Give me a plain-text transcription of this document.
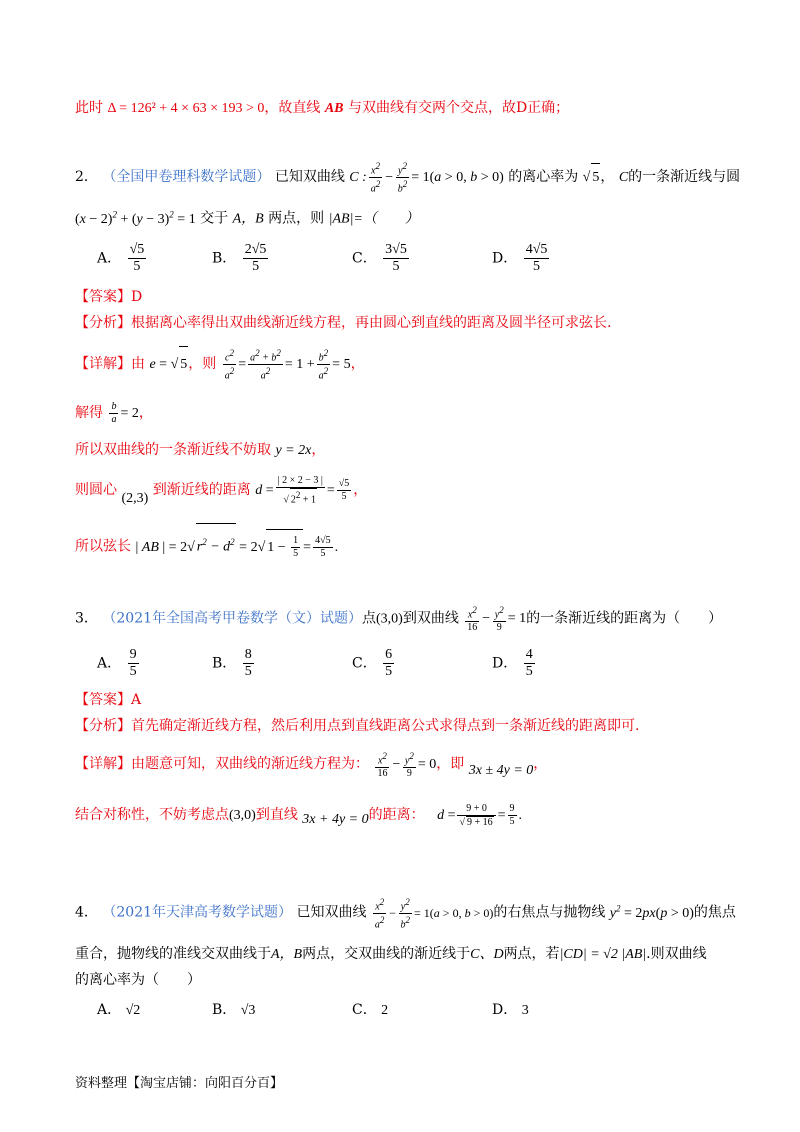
此时 Δ = 126² + 4 × 63 × 193 > 0，故直线 AB 与双曲线有交两个交点，故D正确；
2． （全国甲卷理科数学试题） 已知双曲线 C : $\frac{x2}{a2} - \frac{y2}{b2} = 1(a > 0$, b > 0) 的离心率为 √ 5， C的一条渐近线与圆
$(x - 2)^2 + (y - 3)^2 = 1$ 交于 A，B 两点，则 |AB|=（　　）
A． $\frac{√5}{5}$	B． $\frac{2√5}{5}$	C． $\frac{3√5}{5}$	D． $\frac{4√5}{5}$
【答案】D
【分析】根据离心率得出双曲线渐近线方程，再由圆心到直线的距离及圆半径可求弦长.
【详解】由 e = √ 5，则 $\frac{c2}{a2} = \frac{a2 + b2}{a2} = 1 + \frac{b2}{a2} = 5$，
解得 $\frac{b}{a} = 2$，
所以双曲线的一条渐近线不妨取 y = 2x，
则圆心 (2,3) 到渐近线的距离 $d = \frac{| 2 \times 2 - 3 |}{√ 22 + 1} = \frac{√5}{5}$ ，
所以弦长 | AB | = 2√ $r^2 - d^2 = 2√$ $1 - \frac{1}{5} = \frac{4√5}{5}$ .
3． （2021年全国高考甲卷数学（文）试题）点(3,0)到双曲线 $\frac{x2}{16} - \frac{y2}{9} = 1$的一条渐近线的距离为（　　）
A． $\frac{9}{5}$	B． $\frac{8}{5}$	C． $\frac{6}{5}$	D． $\frac{4}{5}$
【答案】A
【分析】首先确定渐近线方程，然后利用点到直线距离公式求得点到一条渐近线的距离即可.
【详解】由题意可知，双曲线的渐近线方程为： $\frac{x2}{16} - \frac{y2}{9} = 0$，即 3x ± 4y = 0，
结合对称性，不妨考虑点(3,0)到直线 3x + 4y = 0的距离： $d = \frac{9 + 0}{√ 9 + 16} = \frac{9}{5}$ .
4． （2021年天津高考数学试题） 已知双曲线 $\frac{x2}{a2} - \frac{y2}{b2} = 1(a > 0$, b > 0)的右焦点与抛物线 $y^2 = 2px(p > 0)$的焦点
重合，抛物线的准线交双曲线于A，B两点，交双曲线的渐近线于C、D两点，若|CD| = √2 |AB|.则双曲线
的离心率为（　　）
A． √2	B． √3	C． 2	D． 3
资料整理【淘宝店铺：向阳百分百】
